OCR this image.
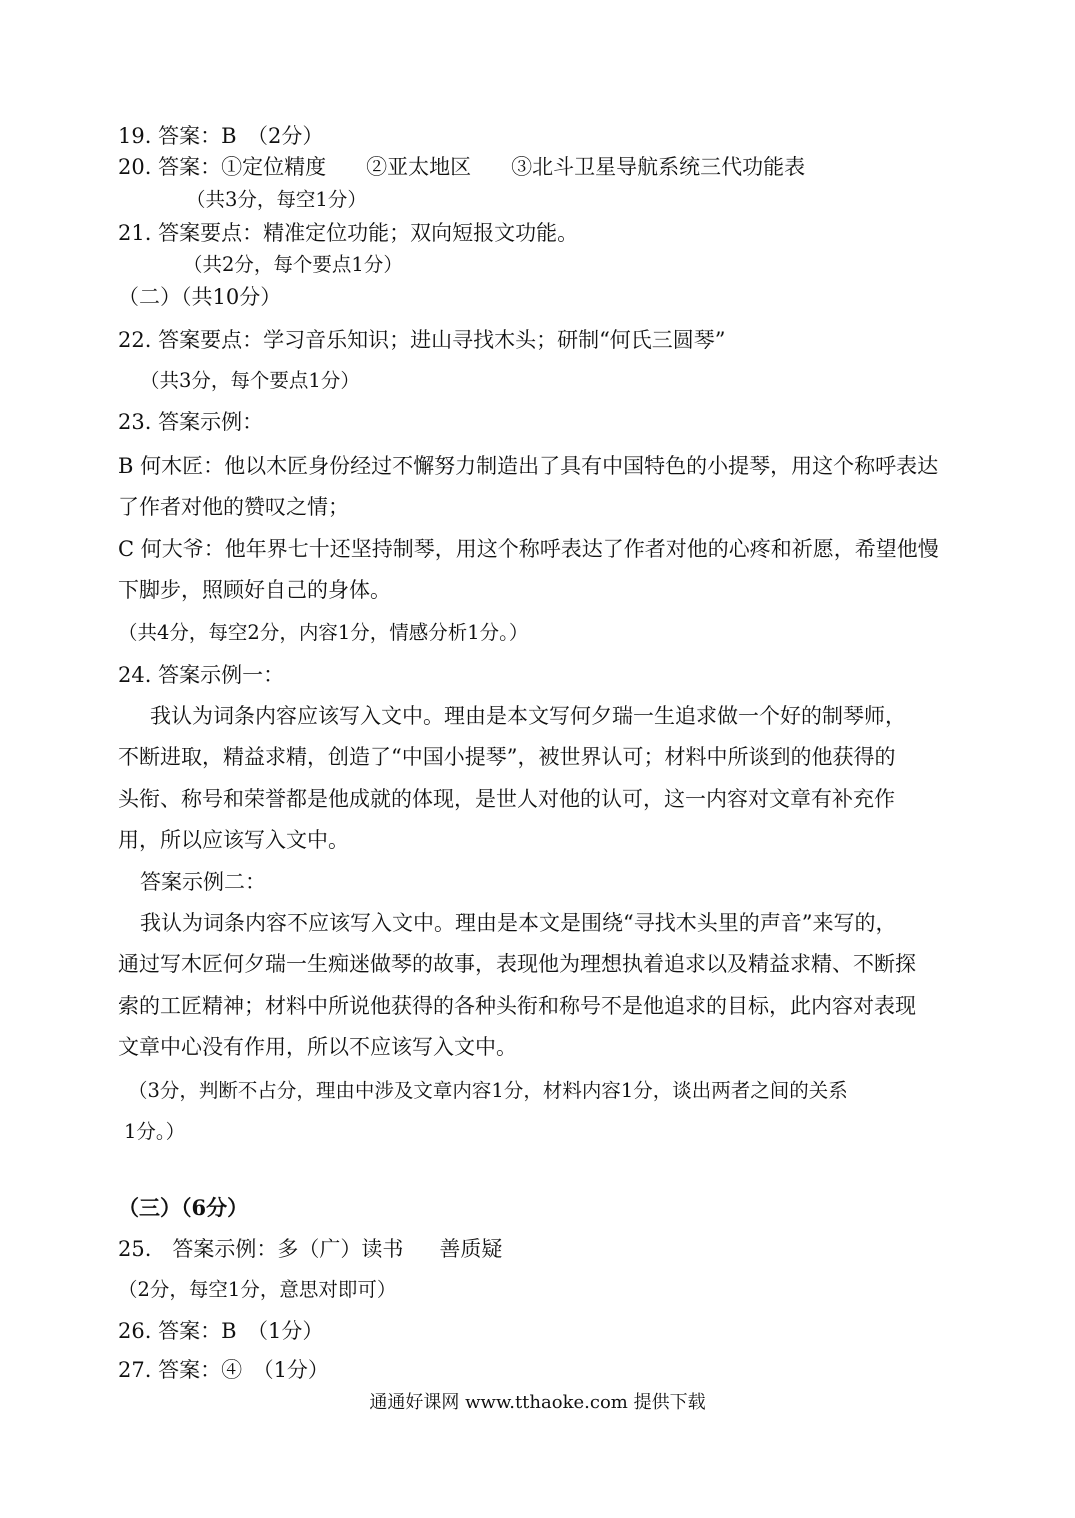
19. 答案：B　（2分）
20. 答案：①定位精度 ②亚太地区 ③北斗卫星导航系统三代功能表
（共3分，每空1分）
21. 答案要点：精准定位功能；双向短报文功能。
（共2分，每个要点1分）
（二）（共10分）
22. 答案要点：学习音乐知识；进山寻找木头；研制“何氏三圆琴”
（共3分，每个要点1分）
23. 答案示例：
B 何木匠：他以木匠身份经过不懈努力制造出了具有中国特色的小提琴，用这个称呼表达
了作者对他的赞叹之情；
C 何大爷：他年界七十还坚持制琴，用这个称呼表达了作者对他的心疼和祈愿，希望他慢
下脚步，照顾好自己的身体。
（共4分，每空2分，内容1分，情感分析1分。）
24. 答案示例一：
我认为词条内容应该写入文中。理由是本文写何夕瑞一生追求做一个好的制琴师，
不断进取，精益求精，创造了“中国小提琴”，被世界认可；材料中所谈到的他获得的
头衔、称号和荣誉都是他成就的体现，是世人对他的认可，这一内容对文章有补充作
用，所以应该写入文中。
答案示例二：
我认为词条内容不应该写入文中。理由是本文是围绕“寻找木头里的声音”来写的，
通过写木匠何夕瑞一生痴迷做琴的故事，表现他为理想执着追求以及精益求精、不断探
索的工匠精神；材料中所说他获得的各种头衔和称号不是他追求的目标，此内容对表现
文章中心没有作用，所以不应该写入文中。
（3分，判断不占分，理由中涉及文章内容1分，材料内容1分，谈出两者之间的关系
1分。）
（三）（6分）
25.　答案示例：多（广）读书 善质疑
（2分，每空1分，意思对即可）
26. 答案：B　（1分）
27. 答案：④　（1分）
通通好课网 www.tthaoke.com 提供下载
